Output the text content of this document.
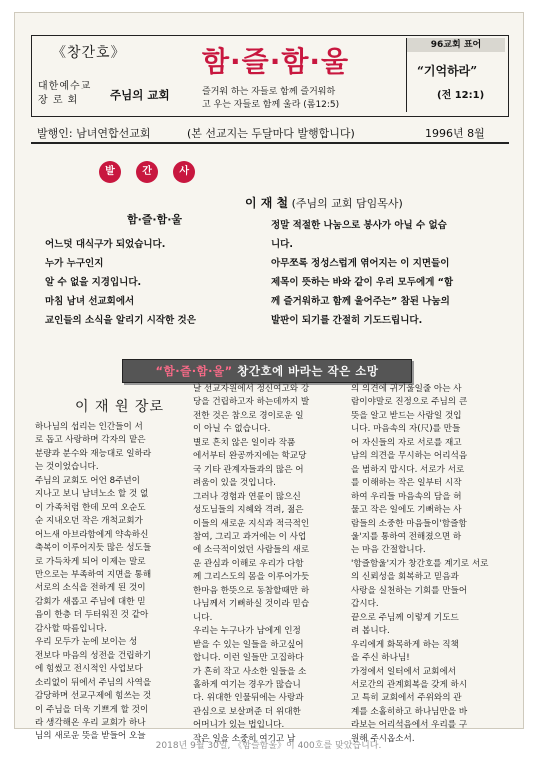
《창간호》
대한예수교
장 로 회	주님의 교회
함·즐·함·울
즐거워 하는 자들로 함께 즐거워하
고 우는 자들로 함께 울라 (롬12:5)
96교회 표어
“기억하라”
(전 12:1)
발행인: 남녀연합선교회	(본 선교지는 두달마다 발행합니다)	1996년 8월
발	간	사
이 재 철 (주님의 교회 담임목사)
함·즐·함·울
어느덧 대식구가 되었습니다.
누가 누구인지
알 수 없을 지경입니다.
마침 남녀 선교회에서
교인들의 소식을 알리기 시작한 것은
정말 적절한 나눔으로 봉사가 아닐 수 없습
니다.
아무쪼록 정성스럽게 엮어지는 이 지면들이
제목이 뜻하는 바와 같이 우리 모두에게 “함
께 즐거워하고 함께 울어주는” 참된 나눔의
발판이 되기를 간절히 기도드립니다.
“함·즐·함·울” 창간호에 바라는 작은 소망
이 재 원 장로
하나님의 섭리는 인간들이 서
로 돕고 사랑하며 각자의 맡은
분량과 분수와 재능대로 일하라
는 것이었습니다.
주님의 교회도 어언 8주년이
지나고 보니 남녀노소 할 것 없
이 가족처럼 한데 모여 오순도
순 지내오던 작은 개척교회가
어느새 아브라함에게 약속하신
축복이 이루어지듯 많은 성도들
로 가득차게 되어 이제는 말로
만으로는 부족하여 지면을 통해
서로의 소식을 전하게 된 것이
감회가 새롭고 주님에 대한 믿
음이 한층 더 두터워진 것 같아
감사할 따름입니다.
우리 모두가 눈에 보이는 성
전보다 마음의 성전을 건립하기
에 힘썼고 전시적인 사업보다
소리없이 뒤에서 주님의 사역을
감당하며 선교구제에 힘쓰는 것
이 주님을 더욱 기쁘게 할 것이
라 생각해온 우리 교회가 하나
님의 새로운 뜻을 받들어 오늘
날 선교자원에서 정신여고와 강
당을 건립하고자 하는데까지 발
전한 것은 참으로 경이로운 일
이 아닐 수 없습니다.
별로 흔치 않은 일이라 작품
에서부터 완공까지에는 학교당
국 기타 관계자들과의 많은 어
려움이 있을 것입니다.
그러나 경험과 연륜이 많으신
성도님들의 지혜와 격려, 젊은
이들의 새로운 지식과 적극적인
참여, 그리고 과거에는 이 사업
에 소극적이었던 사람들의 새로
운 관심과 이해로 우리가 다함
께 그리스도의 몸을 이루어가듯
한마음 한뜻으로 동참할때만 하
나님께서 기뻐하실 것이라 믿습
니다.
우리는 누구나가 남에게 인정
받을 수 있는 일들을 하고싶어
합니다. 이런 일들만 고집하다
가 흔히 작고 사소한 일들을 소
홀하게 여기는 경우가 많습니
다. 위대한 인물뒤에는 사랑과
관심으로 보살펴준 더 위대한
어머니가 있는 법입니다.
작은 일을 소중히 여기고 남
의 의견에 귀기울일줄 아는 사
람이야말로 진정으로 주님의 큰
뜻을 알고 받드는 사람일 것입
니다. 마음속의 자(尺)를 만들
어 자신들의 자로 서로를 재고
남의 의견을 무시하는 어리석음
을 범하지 맙시다. 서로가 서로
를 이해하는 작은 일부터 시작
하여 우리들 마음속의 담을 허
물고 작은 일에도 기뻐하는 사
람들의 소중한 마음들이'함즐함
울'지를 통하여 전해졌으면 하
는 마음 간절합니다.
'함즐함울'지가 창간호를 계기로 서로
의 신뢰성을 회복하고 믿음과
사랑을 실천하는 기회를 만들어
갑시다.
끝으로 주님께 이렇게 기도드
려 봅니다.
우리에게 화목하게 하는 직책
을 주신 하나님!
가정에서 일터에서 교회에서
서로간의 관계회복을 갖게 하시
고 특히 교회에서 주위와의 관
계를 소홀히하고 하나님만을 바
라보는 어리석음에서 우리를 구
원해 주시옵소서.
2018년 9월 30일, 《함즐함울》이 400호를 맞았습니다.
